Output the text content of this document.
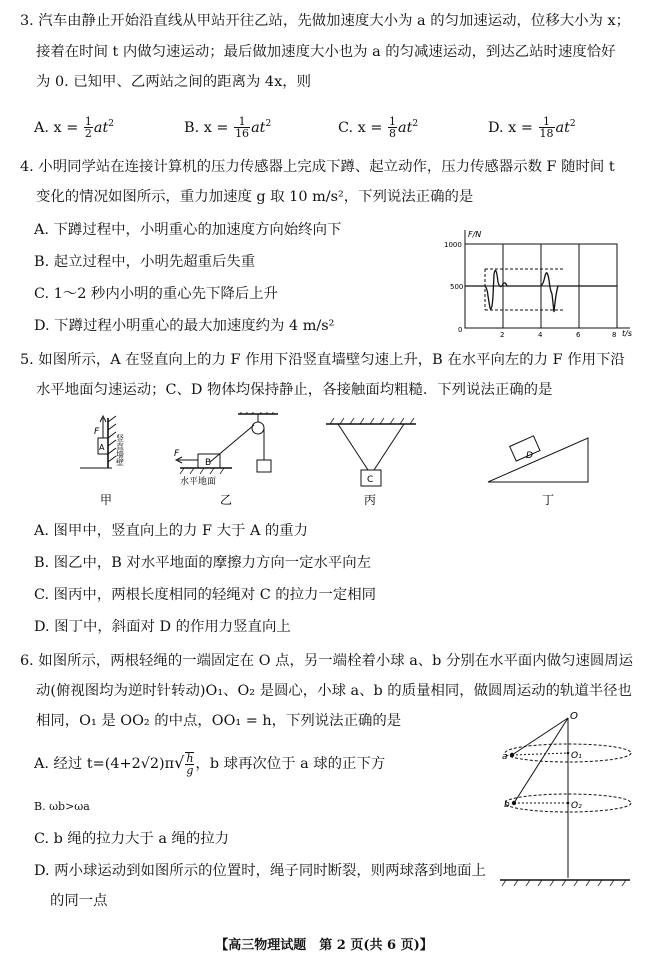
3. 汽车由静止开始沿直线从甲站开往乙站，先做加速度大小为 a 的匀加速运动，位移大小为 x；
接着在时间 t 内做匀速运动；最后做加速度大小也为 a 的匀减速运动，到达乙站时速度恰好
为 0. 已知甲、乙两站之间的距离为 4x，则
A. $x = \frac{1}{2} at^2$	B. $x = \frac{1}{16} at^2$	C. $x = \frac{1}{8} at^2$	D. $x = \frac{1}{18} at^2$
4. 小明同学站在连接计算机的压力传感器上完成下蹲、起立动作，压力传感器示数 F 随时间 t
变化的情况如图所示，重力加速度 g 取 10 m/s²，下列说法正确的是
A. 下蹲过程中，小明重心的加速度方向始终向下
B. 起立过程中，小明先超重后失重
C. 1～2 秒内小明的重心先下降后上升
D. 下蹲过程小明重心的最大加速度约为 4 m/s²
F/N
t/s
1000
500
0
2	4	6	8
5. 如图所示，A 在竖直向上的力 F 作用下沿竖直墙壁匀速上升，B 在水平向左的力 F 作用下沿
水平地面匀速运动；C、D 物体均保持静止，各接触面均粗糙．下列说法正确的是
竖直墙壁
F
A
B
F
水平地面	C
D
甲	乙	丙	丁
A. 图甲中，竖直向上的力 F 大于 A 的重力
B. 图乙中，B 对水平地面的摩擦力方向一定水平向左
C. 图丙中，两根长度相同的轻绳对 C 的拉力一定相同
D. 图丁中，斜面对 D 的作用力竖直向上
6. 如图所示，两根轻绳的一端固定在 O 点，另一端栓着小球 a、b 分别在水平面内做匀速圆周运
动(俯视图均为逆时针转动)O₁、O₂ 是圆心，小球 a、b 的质量相同，做圆周运动的轨道半径也
相同，O₁ 是 OO₂ 的中点，OO₁ = h，下列说法正确的是
A. 经过 $t=(4+2√2)\pi√ \frac{h}{g}$ ，b 球再次位于 a 球的正下方
B. ωb>ωa
C. b 绳的拉力大于 a 绳的拉力
D. 两小球运动到如图所示的位置时，绳子同时断裂，则两球落到地面上
的同一点
O
O₁
O₂
a
b
【高三物理试题　第 2 页(共 6 页)】
